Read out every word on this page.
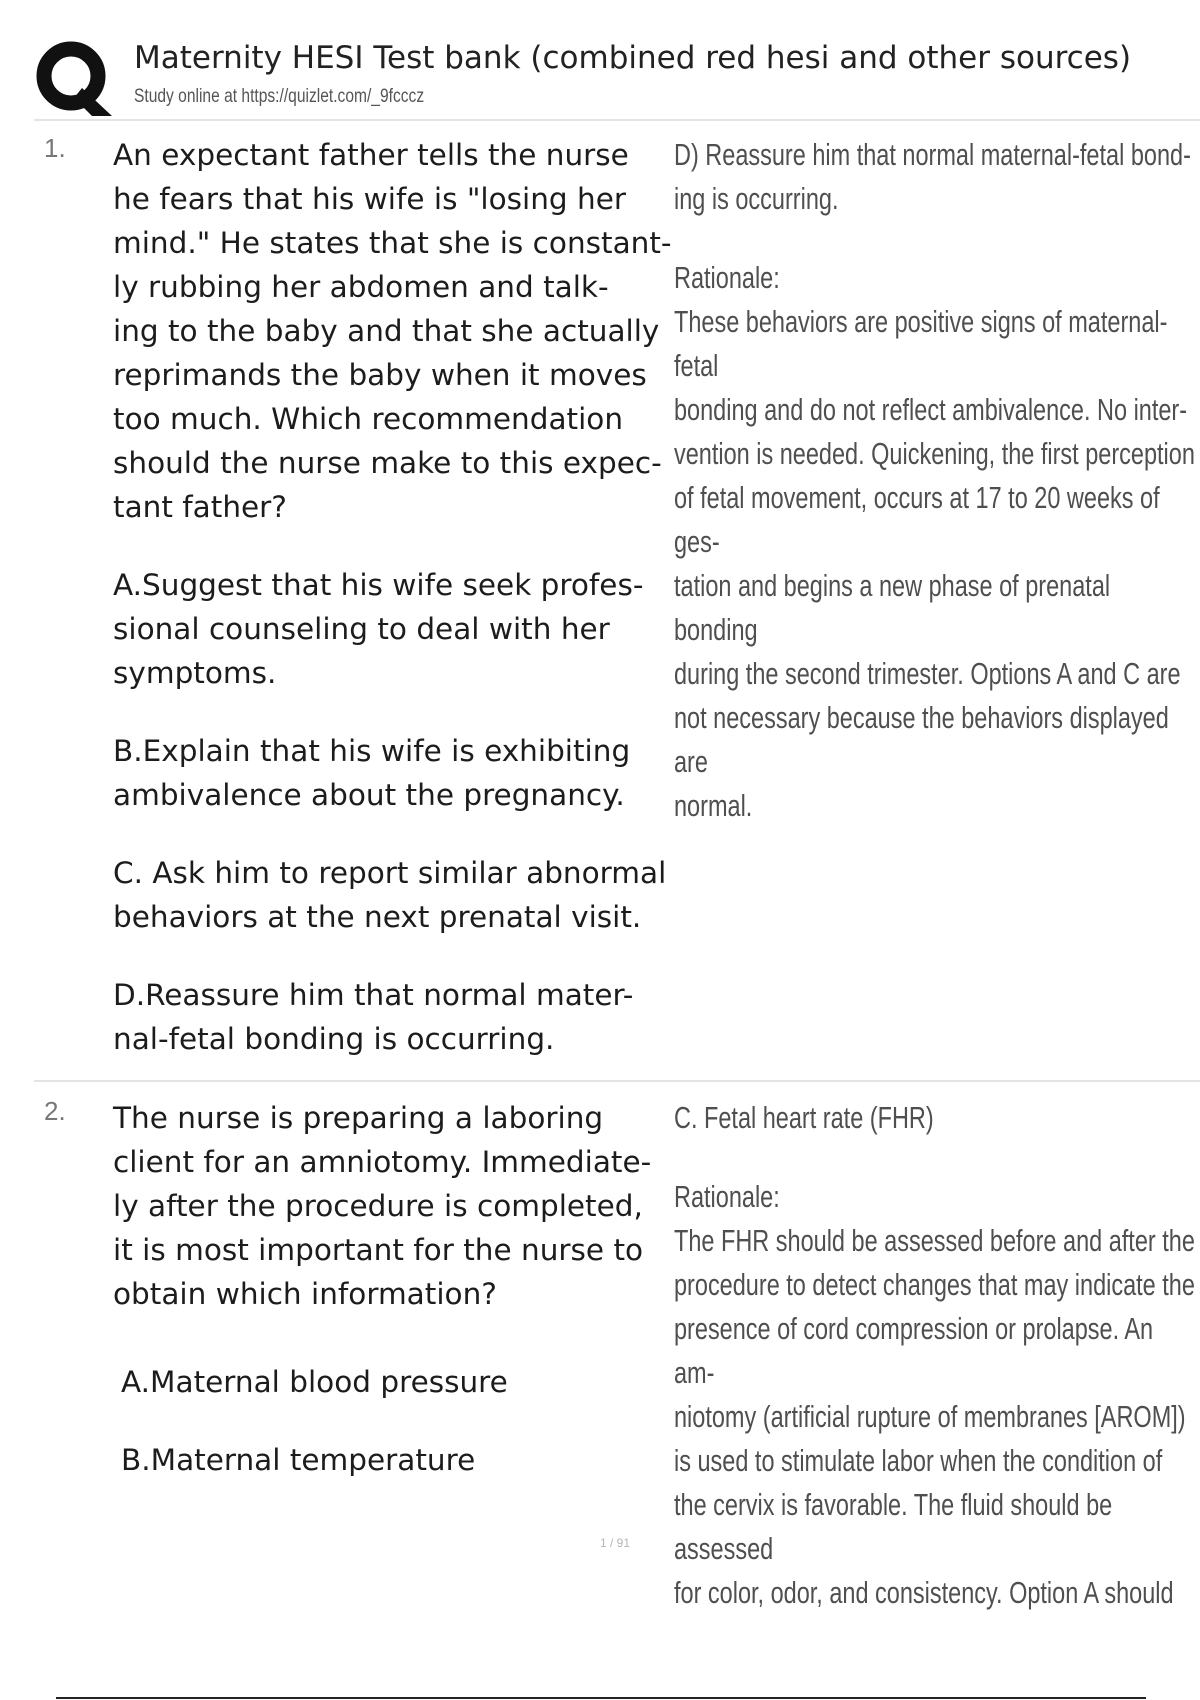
Maternity HESI Test bank (combined red hesi and other sources)
Study online at https://quizlet.com/_9fcccz
1. An expectant father tells the nurse

he fears that his wife is "losing her

mind." He states that she is constant-

ly rubbing her abdomen and talk-

ing to the baby and that she actually

reprimands the baby when it moves

too much. Which recommendation

should the nurse make to this expec-

tant father?

A.Suggest that his wife seek profes-

sional counseling to deal with her

symptoms.

B.Explain that his wife is exhibiting

ambivalence about the pregnancy.

C. Ask him to report similar abnormal

behaviors at the next prenatal visit.

D.Reassure him that normal mater-

nal-fetal bonding is occurring.

D) Reassure him that normal maternal-fetal bond-

ing is occurring.

Rationale:

These behaviors are positive signs of maternal-fetal

bonding and do not reflect ambivalence. No inter-

vention is needed. Quickening, the first perception

of fetal movement, occurs at 17 to 20 weeks of ges-

tation and begins a new phase of prenatal bonding

during the second trimester. Options A and C are

not necessary because the behaviors displayed are

normal.

2. The nurse is preparing a laboring

client for an amniotomy. Immediate-

ly after the procedure is completed,

it is most important for the nurse to

obtain which information?

A.Maternal blood pressure

B.Maternal temperature

C. Fetal heart rate (FHR)

Rationale:

The FHR should be assessed before and after the

procedure to detect changes that may indicate the

presence of cord compression or prolapse. An am-

niotomy (artificial rupture of membranes [AROM])

is used to stimulate labor when the condition of

the cervix is favorable. The fluid should be assessed

for color, odor, and consistency. Option A should

1 / 91
